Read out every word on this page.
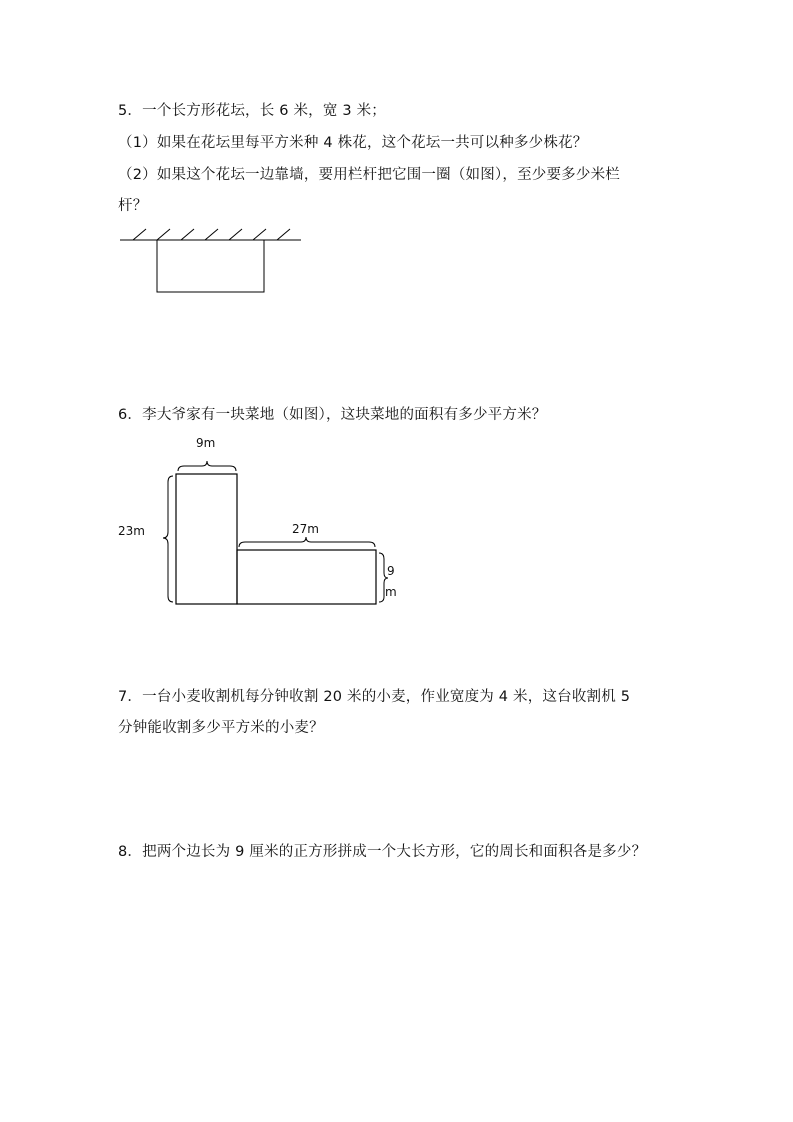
5．一个长方形花坛，长 6 米，宽 3 米；
（1）如果在花坛里每平方米种 4 株花，这个花坛一共可以种多少株花？
（2）如果这个花坛一边靠墙，要用栏杆把它围一圈（如图），至少要多少米栏
杆？
6．李大爷家有一块菜地（如图），这块菜地的面积有多少平方米？
9m
23m	27m
9
m
7．一台小麦收割机每分钟收割 20 米的小麦，作业宽度为 4 米，这台收割机 5
分钟能收割多少平方米的小麦？
8．把两个边长为 9 厘米的正方形拼成一个大长方形，它的周长和面积各是多少？
